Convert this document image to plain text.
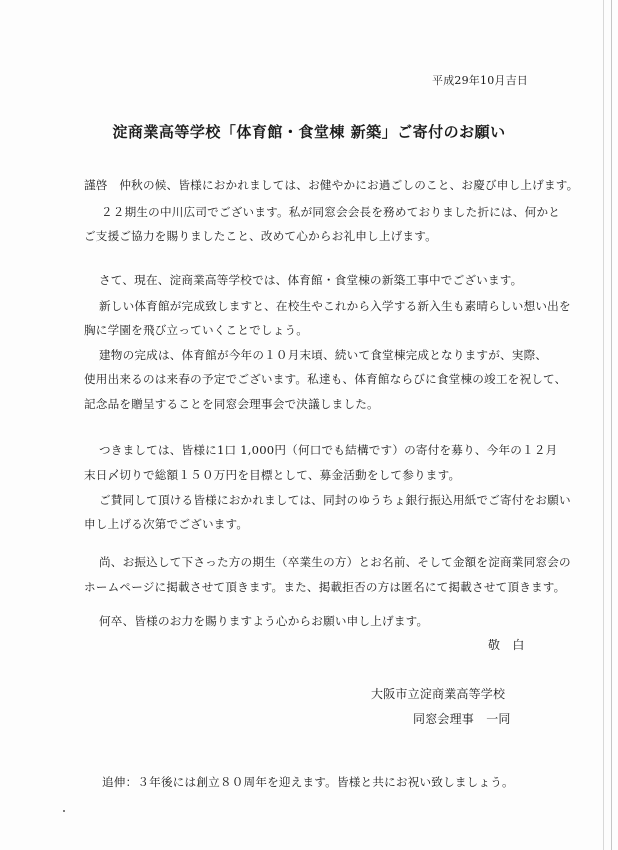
平成29年10月吉日
淀商業高等学校「体育館・食堂棟 新築」ご寄付のお願い
謹啓　仲秋の候、皆様におかれましては、お健やかにお過ごしのこと、お慶び申し上げます。
２２期生の中川広司でございます。私が同窓会会長を務めておりました折には、何かと
ご支援ご協力を賜りましたこと、改めて心からお礼申し上げます。
さて、現在、淀商業高等学校では、体育館・食堂棟の新築工事中でございます。
新しい体育館が完成致しますと、在校生やこれから入学する新入生も素晴らしい想い出を
胸に学園を飛び立っていくことでしょう。
建物の完成は、体育館が今年の１０月末頃、続いて食堂棟完成となりますが、実際、
使用出来るのは来春の予定でございます。私達も、体育館ならびに食堂棟の竣工を祝して、
記念品を贈呈することを同窓会理事会で決議しました。
つきましては、皆様に1口 1,000円（何口でも結構です）の寄付を募り、今年の１２月
末日〆切りで総額１５０万円を目標として、募金活動をして参ります。
ご賛同して頂ける皆様におかれましては、同封のゆうちょ銀行振込用紙でご寄付をお願い
申し上げる次第でございます。
尚、お振込して下さった方の期生（卒業生の方）とお名前、そして金額を淀商業同窓会の
ホームページに掲載させて頂きます。また、掲載拒否の方は匿名にて掲載させて頂きます。
何卒、皆様のお力を賜りますよう心からお願い申し上げます。
敬　白
大阪市立淀商業高等学校
同窓会理事　一同
追伸：３年後には創立８０周年を迎えます。皆様と共にお祝い致しましょう。
